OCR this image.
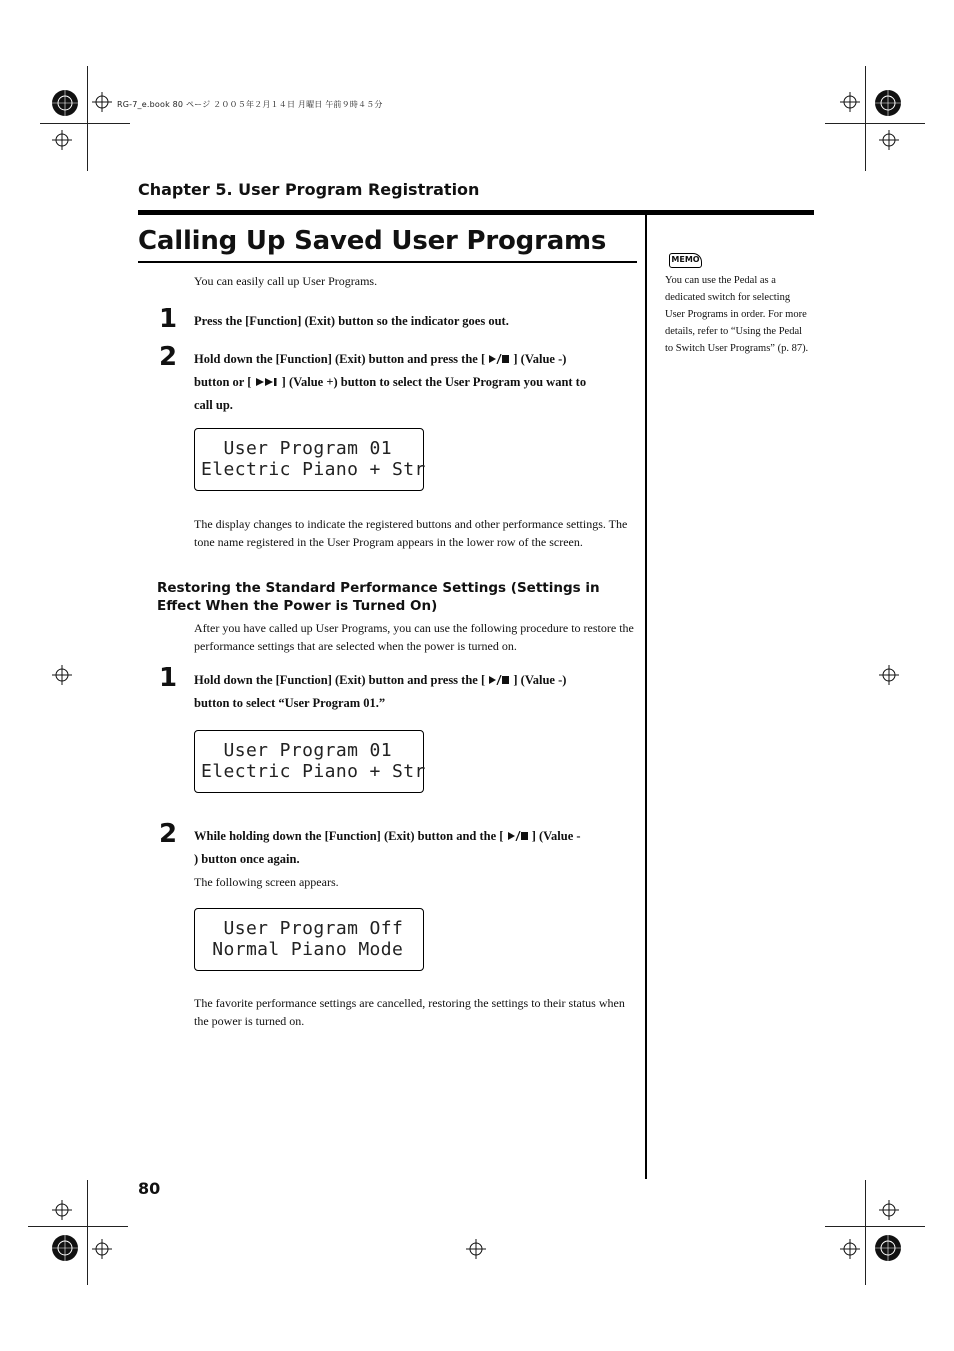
RG-7_e.book 80 ページ ２００５年２月１４日 月曜日 午前９時４５分
Chapter 5. User Program Registration
Calling Up Saved User Programs
You can easily call up User Programs.
1 Press the [Function] (Exit) button so the indicator goes out.
2 Hold down the [Function] (Exit) button and press the [ ] (Value -)
button or [ ] (Value +) button to select the User Program you want to
call up.

User Program 01

Electric Piano + Str

The display changes to indicate the registered buttons and other performance settings. The tone name registered in the User Program appears in the lower row of the screen.
Restoring the Standard Performance Settings (Settings in Effect When the Power is Turned On)
After you have called up User Programs, you can use the following procedure to restore the performance settings that are selected when the power is turned on.
1 Hold down the [Function] (Exit) button and press the [ ] (Value -)
button to select “User Program 01.”

User Program 01

Electric Piano + Str

2 While holding down the [Function] (Exit) button and the [ ] (Value -
) button once again.
The following screen appears.

User Program Off

Normal Piano Mode

The favorite performance settings are cancelled, restoring the settings to their status when the power is turned on.
MEMO
You can use the Pedal as a dedicated switch for selecting User Programs in order. For more details, refer to “Using the Pedal to Switch User Programs” (p. 87).
80
